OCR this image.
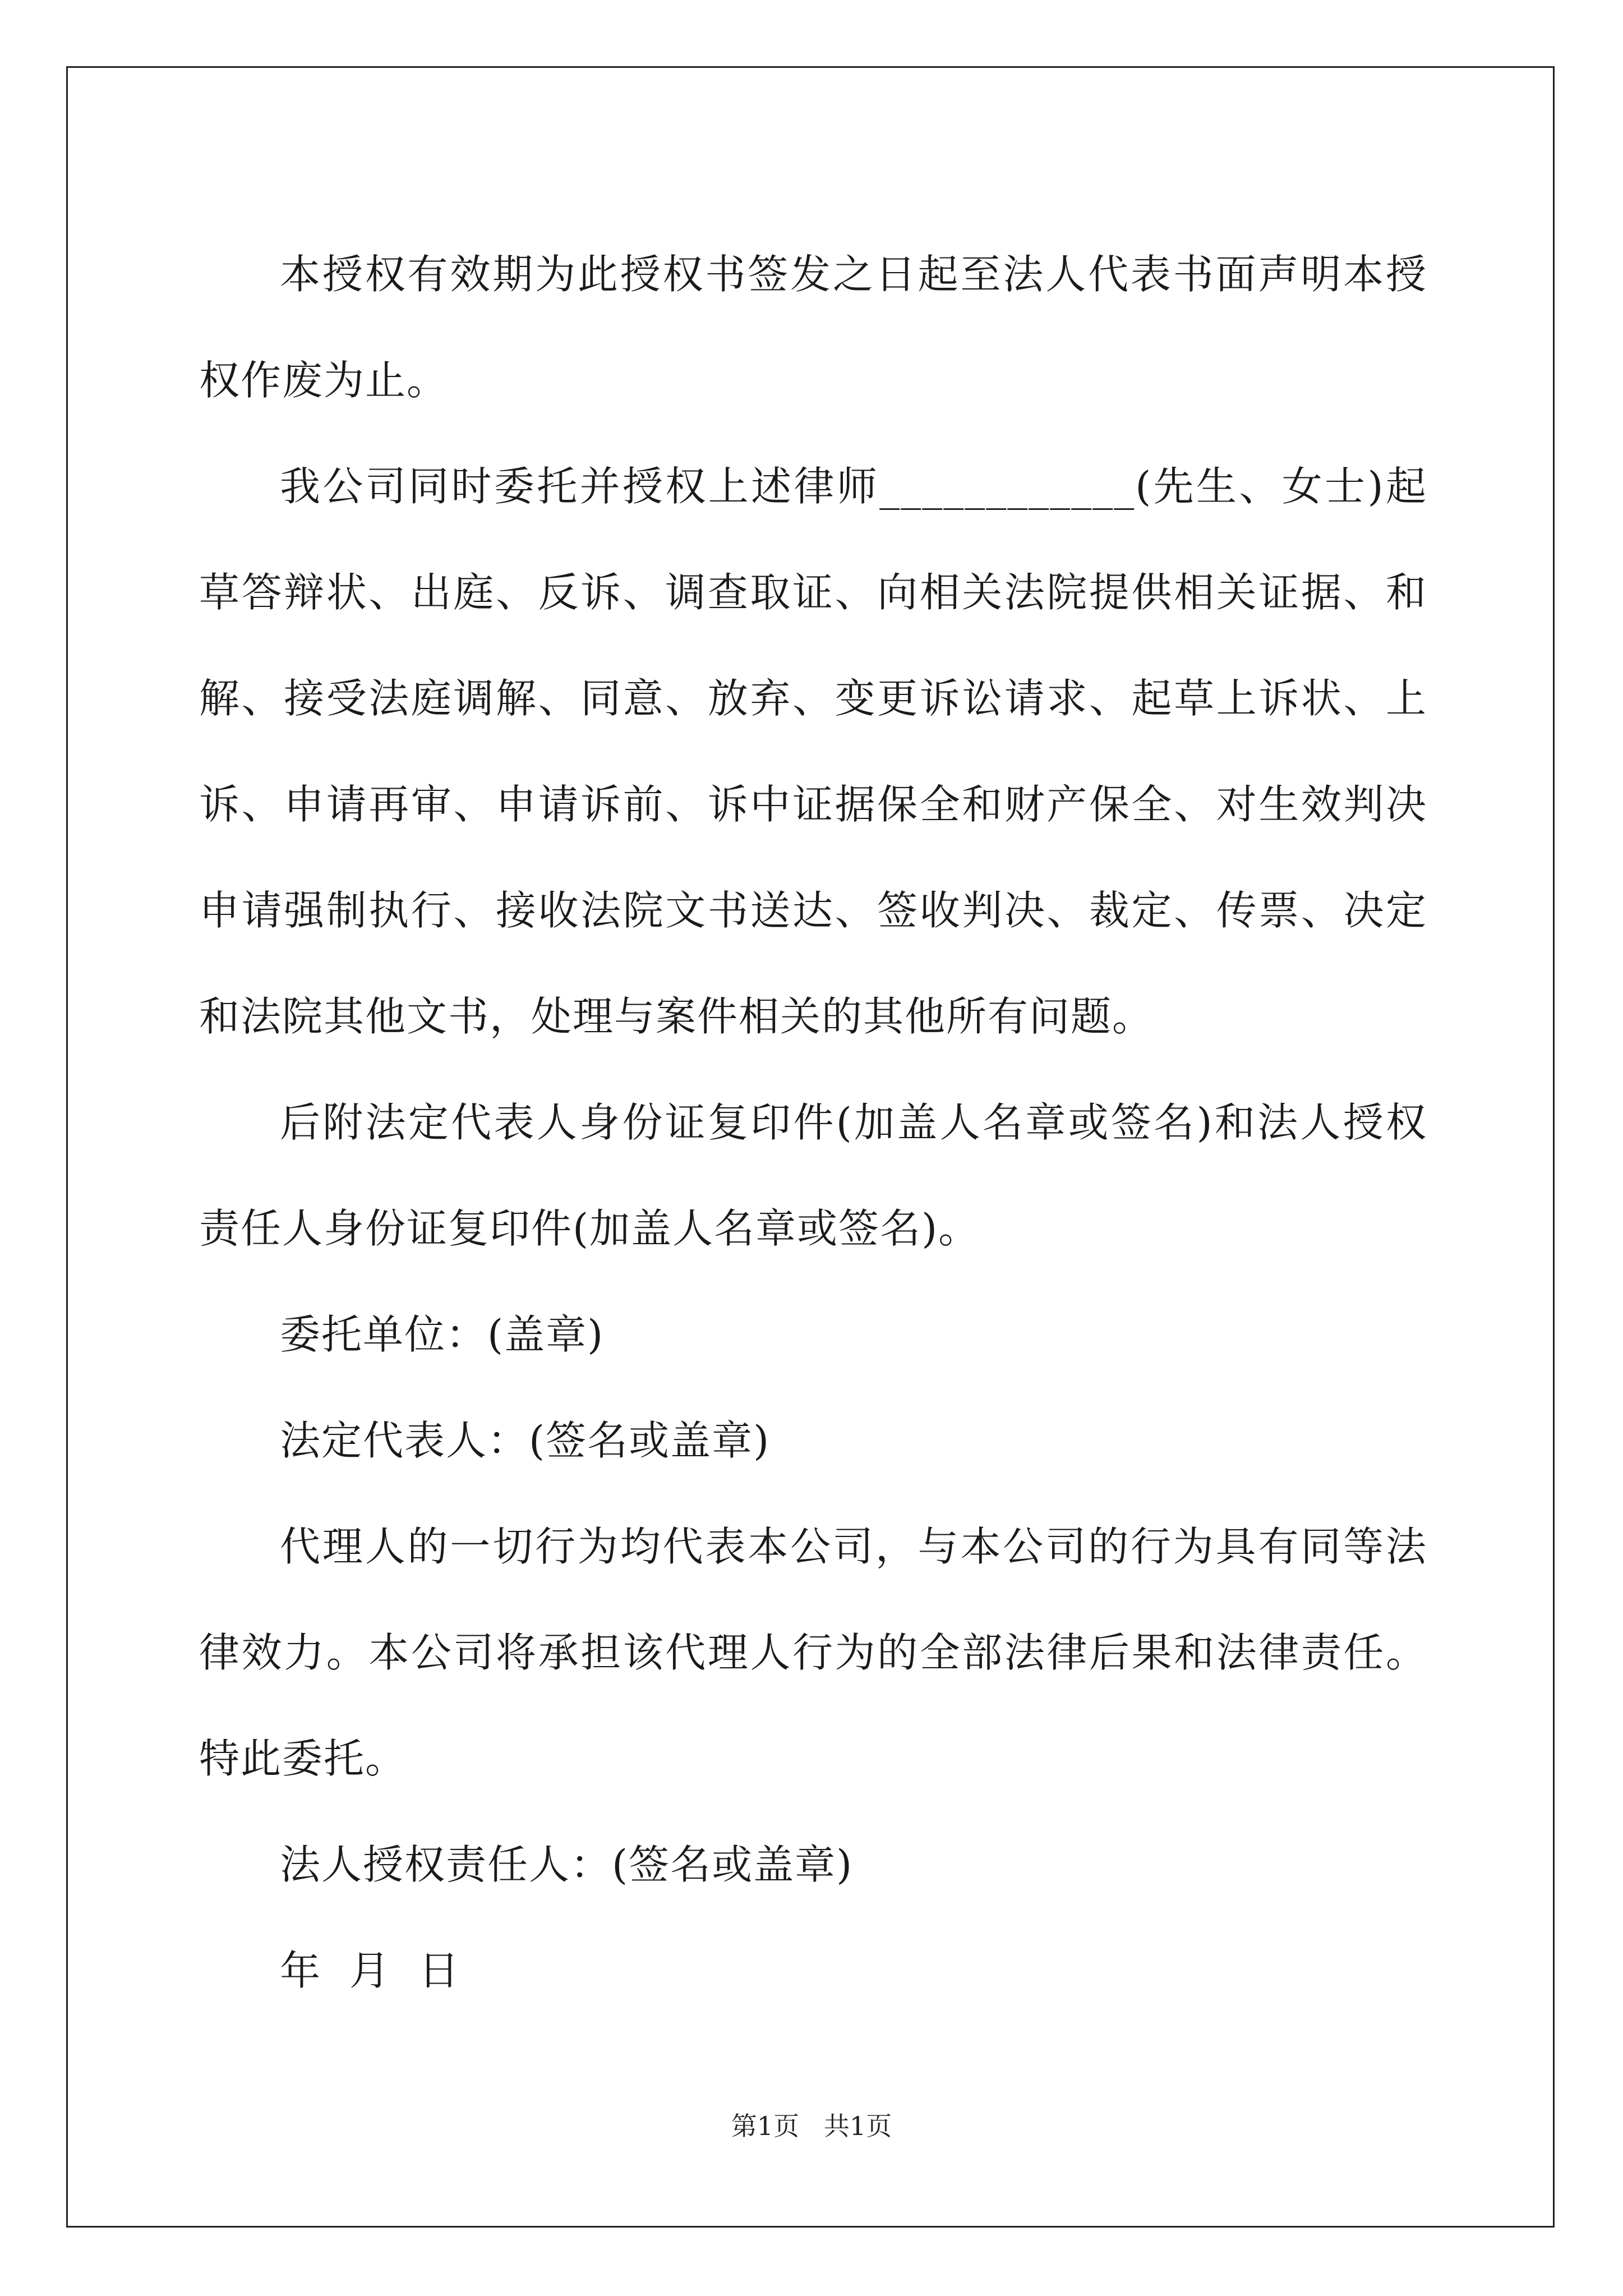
本授权有效期为此授权书签发之日起至法人代表书面声明本授权作废为止。

我公司同时委托并授权上述律师____________(先生、女士)起草答辩状、出庭、反诉、调查取证、向相关法院提供相关证据、和解、接受法庭调解、同意、放弃、变更诉讼请求、起草上诉状、上诉、申请再审、申请诉前、诉中证据保全和财产保全、对生效判决申请强制执行、接收法院文书送达、签收判决、裁定、传票、决定和法院其他文书，处理与案件相关的其他所有问题。

后附法定代表人身份证复印件(加盖人名章或签名)和法人授权责任人身份证复印件(加盖人名章或签名)。

委托单位：(盖章)

法定代表人：(签名或盖章)

代理人的一切行为均代表本公司，与本公司的行为具有同等法律效力。本公司将承担该代理人行为的全部法律后果和法律责任。特此委托。

法人授权责任人：(签名或盖章)

年  月  日

第1页   共1页
